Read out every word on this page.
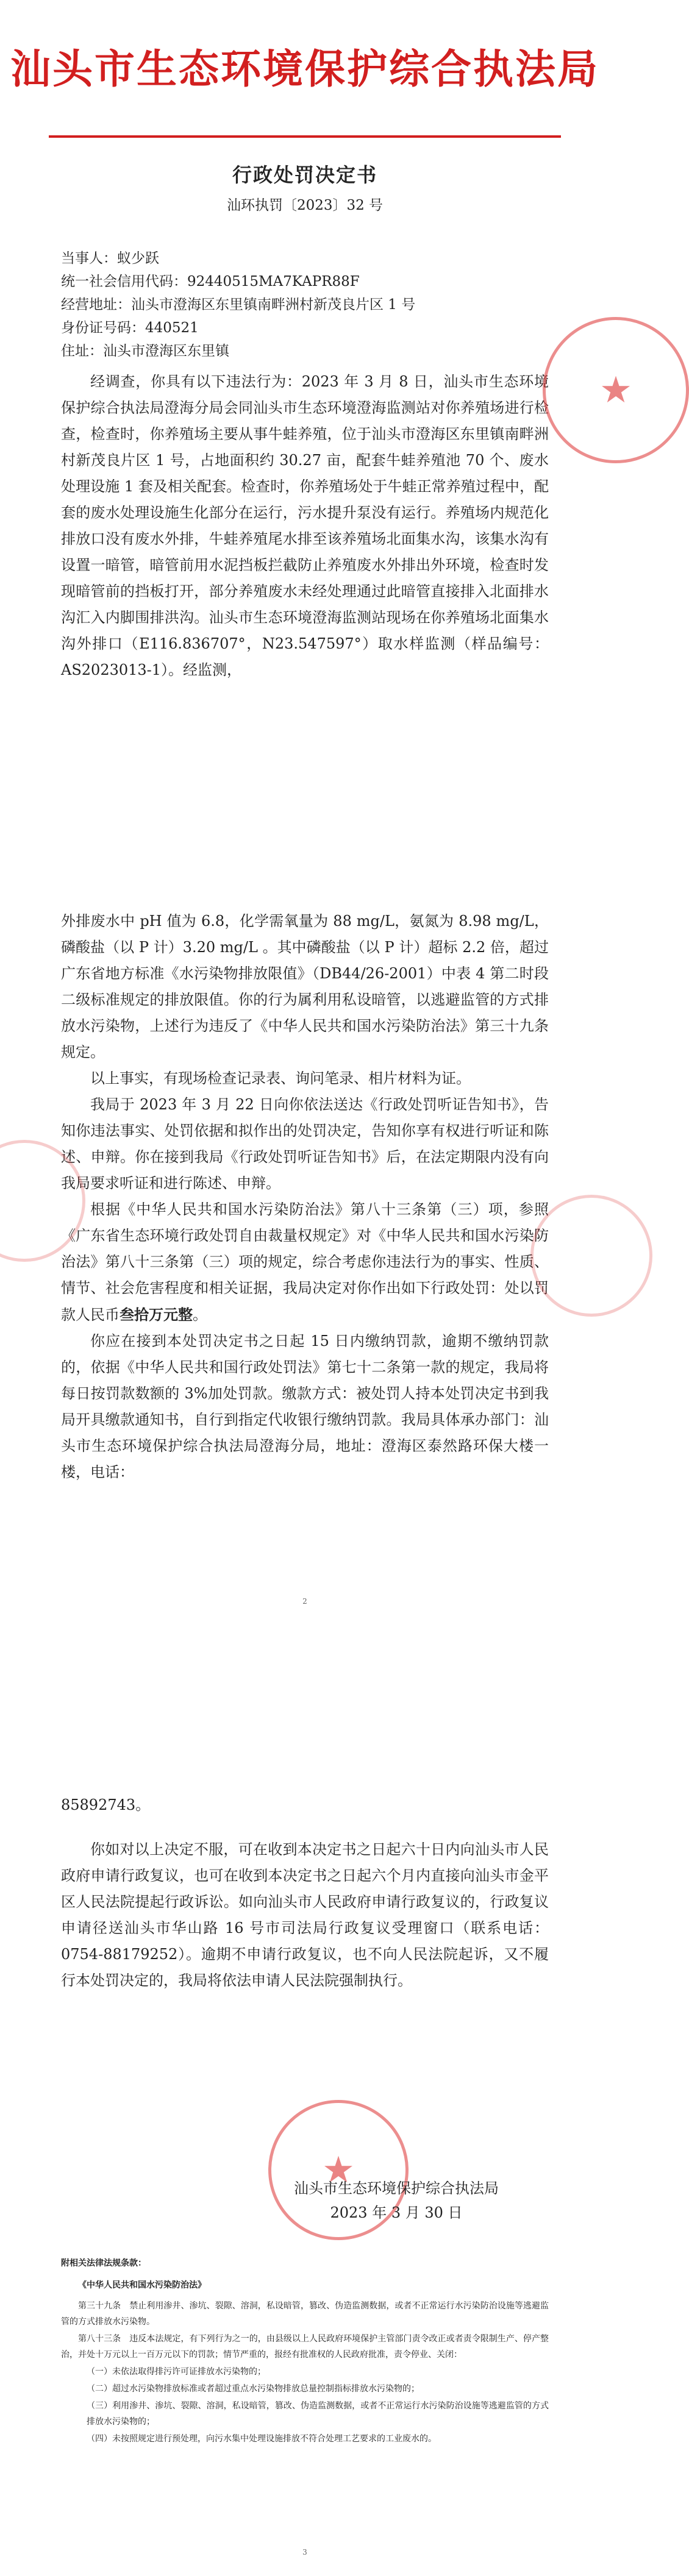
汕头市生态环境保护综合执法局
行政处罚决定书
汕环执罚〔2023〕32 号
当事人：蚁少跃
统一社会信用代码：92440515MA7KAPR88F
经营地址：汕头市澄海区东里镇南畔洲村新茂良片区 1 号
身份证号码：440521
住址：汕头市澄海区东里镇

经调查，你具有以下违法行为：2023 年 3 月 8 日，汕头市生态环境保护综合执法局澄海分局会同汕头市生态环境澄海监测站对你养殖场进行检查，检查时，你养殖场主要从事牛蛙养殖，位于汕头市澄海区东里镇南畔洲村新茂良片区 1 号，占地面积约 30.27 亩，配套牛蛙养殖池 70 个、废水处理设施 1 套及相关配套。检查时，你养殖场处于牛蛙正常养殖过程中，配套的废水处理设施生化部分在运行，污水提升泵没有运行。养殖场内规范化排放口没有废水外排，牛蛙养殖尾水排至该养殖场北面集水沟，该集水沟有设置一暗管，暗管前用水泥挡板拦截防止养殖废水外排出外环境，检查时发现暗管前的挡板打开，部分养殖废水未经处理通过此暗管直接排入北面排水沟汇入内脚围排洪沟。汕头市生态环境澄海监测站现场在你养殖场北面集水沟外排口（E116.836707°，N23.547597°）取水样监测（样品编号：AS2023013-1）。经监测，

★

外排废水中 pH 值为 6.8，化学需氧量为 88 mg/L，氨氮为 8.98 mg/L，磷酸盐（以 P 计）3.20 mg/L 。其中磷酸盐（以 P 计）超标 2.2 倍，超过广东省地方标准《水污染物排放限值》（DB44/26-2001）中表 4 第二时段二级标准规定的排放限值。你的行为属利用私设暗管，以逃避监管的方式排放水污染物，上述行为违反了《中华人民共和国水污染防治法》第三十九条规定。

以上事实，有现场检查记录表、询问笔录、相片材料为证。

我局于 2023 年 3 月 22 日向你依法送达《行政处罚听证告知书》，告知你违法事实、处罚依据和拟作出的处罚决定，告知你享有权进行听证和陈述、申辩。你在接到我局《行政处罚听证告知书》后，在法定期限内没有向我局要求听证和进行陈述、申辩。

根据《中华人民共和国水污染防治法》第八十三条第（三）项，参照《广东省生态环境行政处罚自由裁量权规定》对《中华人民共和国水污染防治法》第八十三条第（三）项的规定，综合考虑你违法行为的事实、性质、情节、社会危害程度和相关证据，我局决定对你作出如下行政处罚：处以罚款人民币叁拾万元整。

你应在接到本处罚决定书之日起 15 日内缴纳罚款，逾期不缴纳罚款的，依据《中华人民共和国行政处罚法》第七十二条第一款的规定，我局将每日按罚款数额的 3%加处罚款。缴款方式：被处罚人持本处罚决定书到我局开具缴款通知书，自行到指定代收银行缴纳罚款。我局具体承办部门：汕头市生态环境保护综合执法局澄海分局，地址：澄海区泰然路环保大楼一楼，电话：

2

85892743。

你如对以上决定不服，可在收到本决定书之日起六十日内向汕头市人民政府申请行政复议，也可在收到本决定书之日起六个月内直接向汕头市金平区人民法院提起行政诉讼。如向汕头市人民政府申请行政复议的，行政复议申请径送汕头市华山路 16 号市司法局行政复议受理窗口（联系电话：0754-88179252）。逾期不申请行政复议，也不向人民法院起诉，又不履行本处罚决定的，我局将依法申请人民法院强制执行。

★
汕头市生态环境保护综合执法局
2023 年 3 月 30 日
附相关法律法规条款：
《中华人民共和国水污染防治法》

第三十九条　禁止利用渗井、渗坑、裂隙、溶洞，私设暗管，篡改、伪造监测数据，或者不正常运行水污染防治设施等逃避监管的方式排放水污染物。

第八十三条　违反本法规定，有下列行为之一的，由县级以上人民政府环境保护主管部门责令改正或者责令限制生产、停产整治，并处十万元以上一百万元以下的罚款；情节严重的，报经有批准权的人民政府批准，责令停业、关闭：

（一）未依法取得排污许可证排放水污染物的；

（二）超过水污染物排放标准或者超过重点水污染物排放总量控制指标排放水污染物的；

（三）利用渗井、渗坑、裂隙、溶洞，私设暗管，篡改、伪造监测数据，或者不正常运行水污染防治设施等逃避监管的方式排放水污染物的；

（四）未按照规定进行预处理，向污水集中处理设施排放不符合处理工艺要求的工业废水的。

3
